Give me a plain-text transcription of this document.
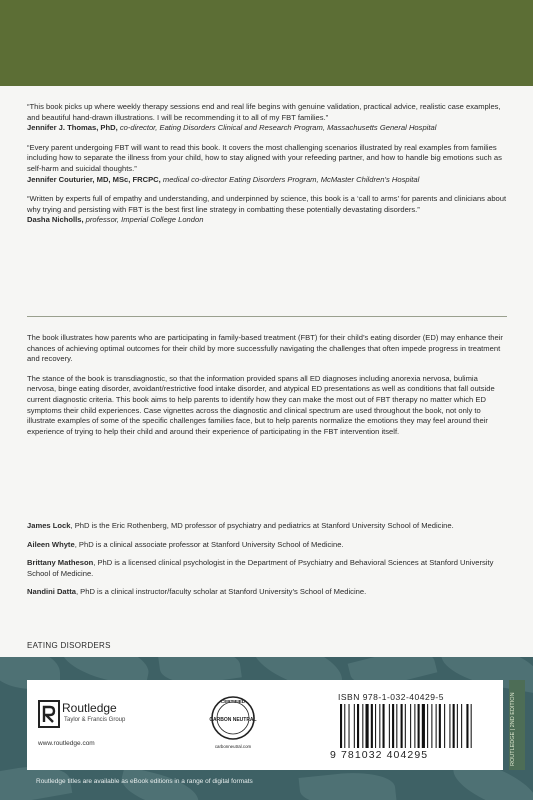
“This book picks up where weekly therapy sessions end and real life begins with genuine validation, practical advice, realistic case examples, and beautiful hand-drawn illustrations. I will be recommending it to all of my FBT families.”
Jennifer J. Thomas, PhD, co-director, Eating Disorders Clinical and Research Program, Massachusetts General Hospital
“Every parent undergoing FBT will want to read this book. It covers the most challenging scenarios illustrated by real examples from families including how to separate the illness from your child, how to stay aligned with your refeeding partner, and how to handle big emotions such as self-harm and suicidal thoughts.”
Jennifer Couturier, MD, MSc, FRCPC, medical co-director Eating Disorders Program, McMaster Children’s Hospital
“Written by experts full of empathy and understanding, and underpinned by science, this book is a ‘call to arms’ for parents and clinicians about why trying and persisting with FBT is the best first line strategy in combatting these potentially devastating disorders.”
Dasha Nicholls, professor, Imperial College London

The book illustrates how parents who are participating in family-based treatment (FBT) for their child’s eating disorder (ED) may enhance their chances of achieving optimal outcomes for their child by more successfully navigating the challenges that often impede progress in treatment and recovery.

The stance of the book is transdiagnostic, so that the information provided spans all ED diagnoses including anorexia nervosa, bulimia nervosa, binge eating disorder, avoidant/restrictive food intake disorder, and atypical ED presentations as well as conditions that fall outside current diagnostic criteria. This book aims to help parents to identify how they can make the most out of FBT therapy no matter which ED symptoms their child experiences. Case vignettes across the diagnostic and clinical spectrum are used throughout the book, not only to illustrate examples of some of the specific challenges families face, but to help parents normalize the emotions they may feel around their experience of trying to help their child and around their experience of participating in the FBT intervention itself.

James Lock, PhD is the Eric Rothenberg, MD professor of psychiatry and pediatrics at Stanford University School of Medicine.

Aileen Whyte, PhD is a clinical associate professor at Stanford University School of Medicine.

Brittany Matheson, PhD is a licensed clinical psychologist in the Department of Psychiatry and Behavioral Sciences at Stanford University School of Medicine.

Nandini Datta, PhD is a clinical instructor/faculty scholar at Stanford University’s School of Medicine.

EATING DISORDERS
Routledge
Taylor & Francis Group
www.routledge.com
CERTIFIED
CARBON NEUTRAL
carbonneutral.com
ISBN 978-1-032-40429-5
9 781032 404295	ROUTLEDGE | 2ND EDITION
Routledge titles are available as eBook editions in a range of digital formats
